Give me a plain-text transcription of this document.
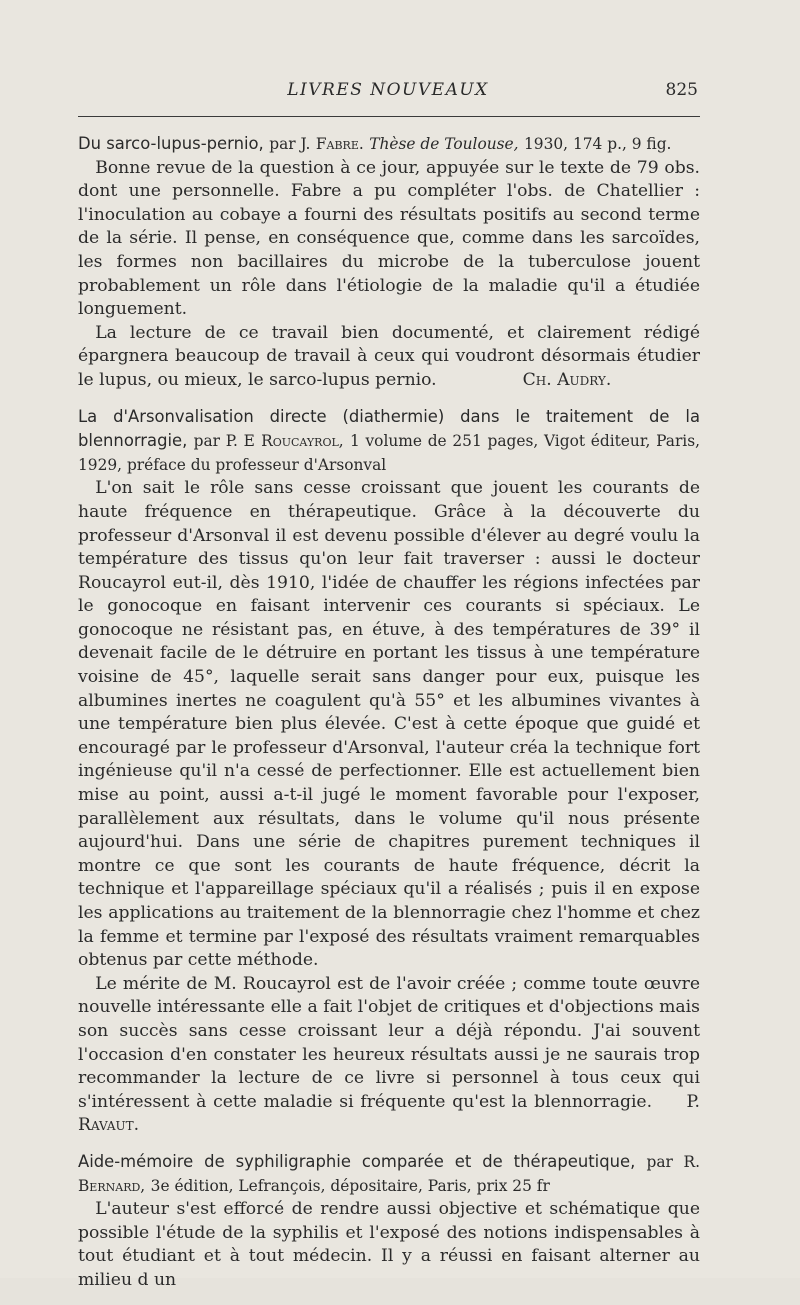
LIVRES NOUVEAUX	825

Du sarco-lupus-pernio, par J. Fabre. Thèse de Toulouse, 1930, 174 p., 9 fig.

 Bonne revue de la question à ce jour, appuyée sur le texte de 79 obs. dont une personnelle. Fabre a pu compléter l'obs. de Chatellier : l'inoculation au cobaye a fourni des résultats positifs au second terme de la série. Il pense, en conséquence que, comme dans les sarcoïdes, les formes non bacillaires du microbe de la tuberculose jouent probablement un rôle dans l'étiologie de la maladie qu'il a étudiée longuement.

 La lecture de ce travail bien documenté, et clairement rédigé épargnera beaucoup de travail à ceux qui voudront désormais étudier le lupus, ou mieux, le sarco-lupus pernio.     	Ch. Audry.

La d'Arsonvalisation directe (diathermie) dans le traitement de la blennorragie, par P. E Roucayrol, 1 volume de 251 pages, Vigot éditeur, Paris, 1929, préface du professeur d'Arsonval

 L'on sait le rôle sans cesse croissant que jouent les courants de haute fréquence en thérapeutique. Grâce à la découverte du professeur d'Arsonval il est devenu possible d'élever au degré voulu la température des tissus qu'on leur fait traverser : aussi le docteur Roucayrol eut-il, dès 1910, l'idée de chauffer les régions infectées par le gonocoque en faisant intervenir ces courants si spéciaux. Le gonocoque ne résistant pas, en étuve, à des températures de 39° il devenait facile de le détruire en portant les tissus à une température voisine de 45°, laquelle serait sans danger pour eux, puisque les albumines inertes ne coagulent qu'à 55° et les albumines vivantes à une température bien plus élevée. C'est à cette époque que guidé et encouragé par le professeur d'Arsonval, l'auteur créa la technique fort ingénieuse qu'il n'a cessé de perfectionner. Elle est actuellement bien mise au point, aussi a-t-il jugé le moment favorable pour l'exposer, parallèlement aux résultats, dans le volume qu'il nous présente aujourd'hui. Dans une série de chapitres purement techniques il montre ce que sont les courants de haute fréquence, décrit la technique et l'appareillage spéciaux qu'il a réalisés ; puis il en expose les applications au traitement de la blennorragie chez l'homme et chez la femme et termine par l'exposé des résultats vraiment remarquables obtenus par cette méthode.

 Le mérite de M. Roucayrol est de l'avoir créée ; comme toute œuvre nouvelle intéressante elle a fait l'objet de critiques et d'objections mais son succès sans cesse croissant leur a déjà répondu. J'ai souvent l'occasion d'en constater les heureux résultats aussi je ne saurais trop recommander la lecture de ce livre si personnel à tous ceux qui s'intéressent à cette maladie si fréquente qu'est la blennorragie.   P. Ravaut.

Aide-mémoire de syphiligraphie comparée et de thérapeutique, par R. Bernard, 3e édition, Lefrançois, dépositaire, Paris, prix 25 fr

 L'auteur s'est efforcé de rendre aussi objective et schématique que possible l'étude de la syphilis et l'exposé des notions indispensables à tout étudiant et à tout médecin. Il y a réussi en faisant alterner au milieu d un
